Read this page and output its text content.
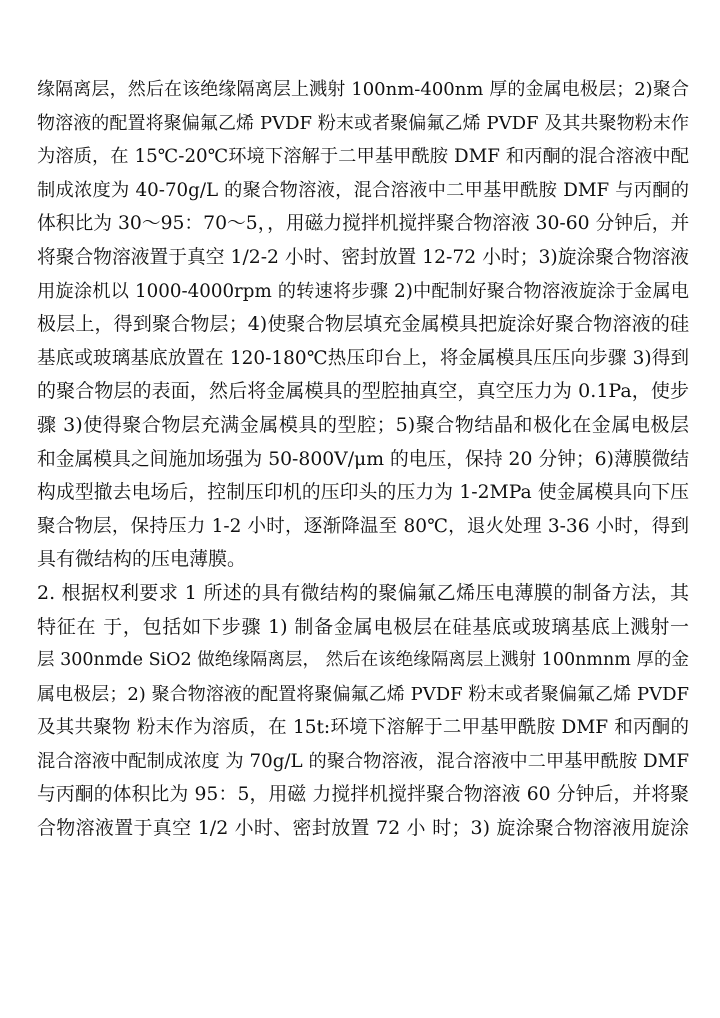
缘隔离层，然后在该绝缘隔离层上溅射 100nm-400nm 厚的金属电极层；2)聚合
物溶液的配置将聚偏氟乙烯 PVDF 粉末或者聚偏氟乙烯 PVDF 及其共聚物粉末作
为溶质，在 15℃-20℃环境下溶解于二甲基甲酰胺 DMF 和丙酮的混合溶液中配
制成浓度为 40-70g/L 的聚合物溶液，混合溶液中二甲基甲酰胺 DMF 与丙酮的
体积比为 30～95：70～5，，用磁力搅拌机搅拌聚合物溶液 30-60 分钟后，并
将聚合物溶液置于真空 1/2-2 小时、密封放置 12-72 小时；3)旋涂聚合物溶液
用旋涂机以 1000-4000rpm 的转速将步骤 2)中配制好聚合物溶液旋涂于金属电
极层上，得到聚合物层；4)使聚合物层填充金属模具把旋涂好聚合物溶液的硅
基底或玻璃基底放置在 120-180℃热压印台上，将金属模具压压向步骤 3)得到
的聚合物层的表面，然后将金属模具的型腔抽真空，真空压力为 0.1Pa，使步
骤 3)使得聚合物层充满金属模具的型腔；5)聚合物结晶和极化在金属电极层
和金属模具之间施加场强为 50-800V/μm 的电压，保持 20 分钟；6)薄膜微结
构成型撤去电场后，控制压印机的压印头的压力为 1-2MPa 使金属模具向下压
聚合物层，保持压力 1-2 小时，逐渐降温至 80℃，退火处理 3-36 小时，得到
具有微结构的压电薄膜。
2. 根据权利要求 1 所述的具有微结构的聚偏氟乙烯压电薄膜的制备方法，其
特征在 于，包括如下步骤 1) 制备金属电极层在硅基底或玻璃基底上溅射一
层 300nmde SiO2 做绝缘隔离层， 然后在该绝缘隔离层上溅射 100nmnm 厚的金
属电极层；2) 聚合物溶液的配置将聚偏氟乙烯 PVDF 粉末或者聚偏氟乙烯 PVDF
及其共聚物 粉末作为溶质，在 15t:环境下溶解于二甲基甲酰胺 DMF 和丙酮的
混合溶液中配制成浓度 为 70g/L 的聚合物溶液，混合溶液中二甲基甲酰胺 DMF
与丙酮的体积比为 95：5，用磁 力搅拌机搅拌聚合物溶液 60 分钟后，并将聚
合物溶液置于真空 1/2 小时、密封放置 72 小 时；3) 旋涂聚合物溶液用旋涂
